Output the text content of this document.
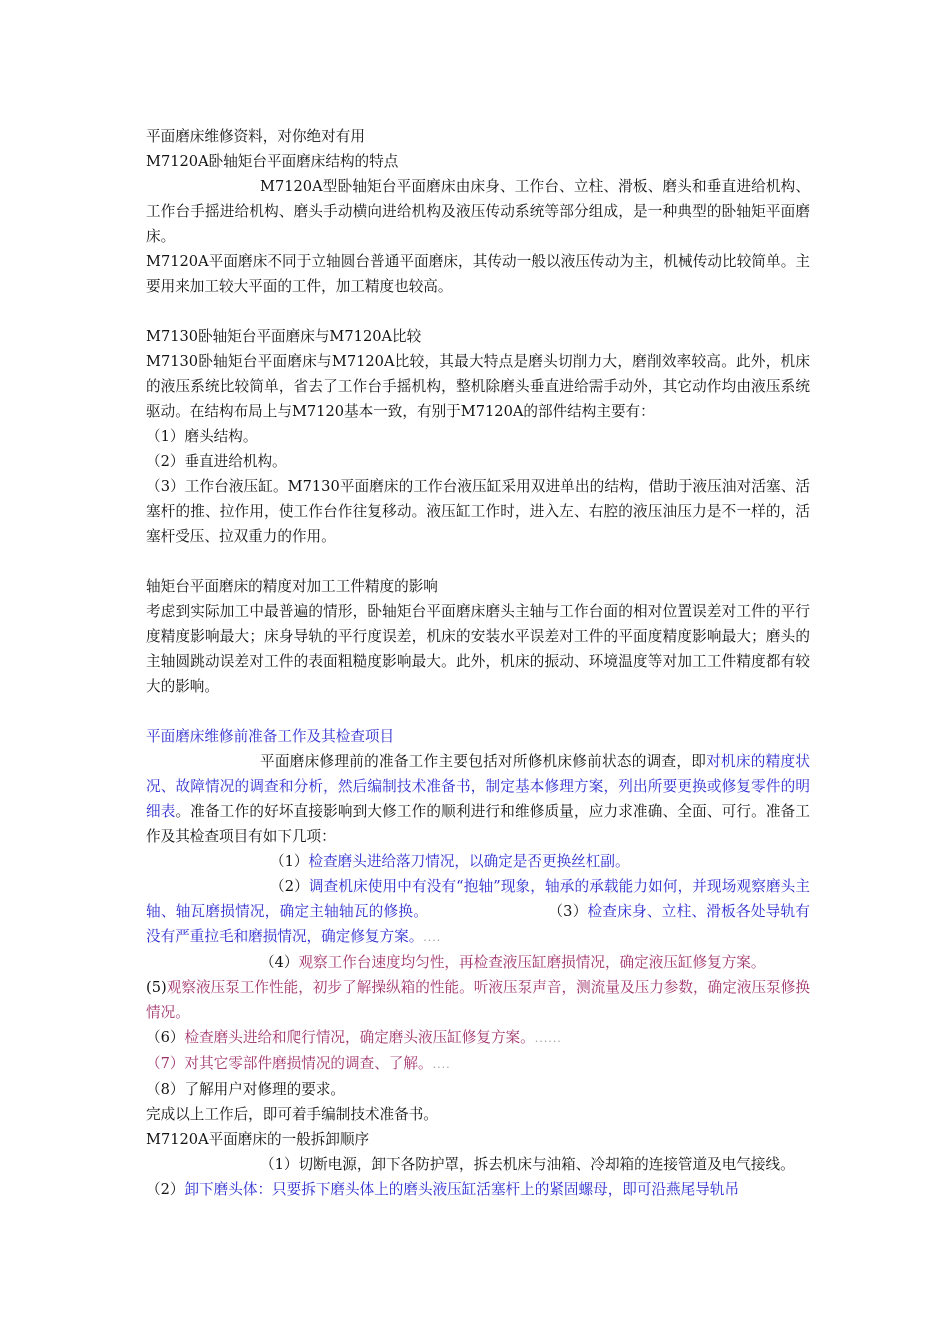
平面磨床维修资料，对你绝对有用

M7120A卧轴矩台平面磨床结构的特点

M7120A型卧轴矩台平面磨床由床身、工作台、立柱、滑板、磨头和垂直进给机构、工作台手摇进给机构、磨头手动横向进给机构及液压传动系统等部分组成，是一种典型的卧轴矩平面磨床。

M7120A平面磨床不同于立轴圆台普通平面磨床，其传动一般以液压传动为主，机械传动比较简单。主要用来加工较大平面的工件，加工精度也较高。

M7130卧轴矩台平面磨床与M7120A比较

M7130卧轴矩台平面磨床与M7120A比较，其最大特点是磨头切削力大，磨削效率较高。此外，机床的液压系统比较简单，省去了工作台手摇机构，整机除磨头垂直进给需手动外，其它动作均由液压系统驱动。在结构布局上与M7120基本一致，有别于M7120A的部件结构主要有：

（1）磨头结构。

（2）垂直进给机构。

（3）工作台液压缸。M7130平面磨床的工作台液压缸采用双进单出的结构，借助于液压油对活塞、活塞杆的推、拉作用，使工作台作往复移动。液压缸工作时，进入左、右腔的液压油压力是不一样的，活塞杆受压、拉双重力的作用。

轴矩台平面磨床的精度对加工工件精度的影响

考虑到实际加工中最普遍的情形，卧轴矩台平面磨床磨头主轴与工作台面的相对位置误差对工件的平行度精度影响最大；床身导轨的平行度误差，机床的安装水平误差对工件的平面度精度影响最大；磨头的主轴圆跳动误差对工件的表面粗糙度影响最大。此外，机床的振动、环境温度等对加工工件精度都有较大的影响。

平面磨床维修前准备工作及其检查项目

平面磨床修理前的准备工作主要包括对所修机床修前状态的调查，即对机床的精度状况、故障情况的调查和分析，然后编制技术准备书，制定基本修理方案，列出所要更换或修复零件的明细表。准备工作的好坏直接影响到大修工作的顺利进行和维修质量，应力求准确、全面、可行。准备工作及其检查项目有如下几项：

（1）检查磨头进给落刀情况，以确定是否更换丝杠副。

（2）调查机床使用中有没有“抱轴”现象，轴承的承载能力如何，并现场观察磨头主轴、轴瓦磨损情况，确定主轴轴瓦的修换。	（3）检查床身、立柱、滑板各处导轨有没有严重拉毛和磨损情况，确定修复方案。....

（4）观察工作台速度均匀性，再检查液压缸磨损情况，确定液压缸修复方案。

(5)观察液压泵工作性能，初步了解操纵箱的性能。听液压泵声音，测流量及压力参数，确定液压泵修换情况。

（6）检查磨头进给和爬行情况，确定磨头液压缸修复方案。......

（7）对其它零部件磨损情况的调查、了解。....

（8）了解用户对修理的要求。

完成以上工作后，即可着手编制技术准备书。

M7120A平面磨床的一般拆卸顺序

（1）切断电源，卸下各防护罩，拆去机床与油箱、冷却箱的连接管道及电气接线。

（2）卸下磨头体：只要拆下磨头体上的磨头液压缸活塞杆上的紧固螺母，即可沿燕尾导轨吊
